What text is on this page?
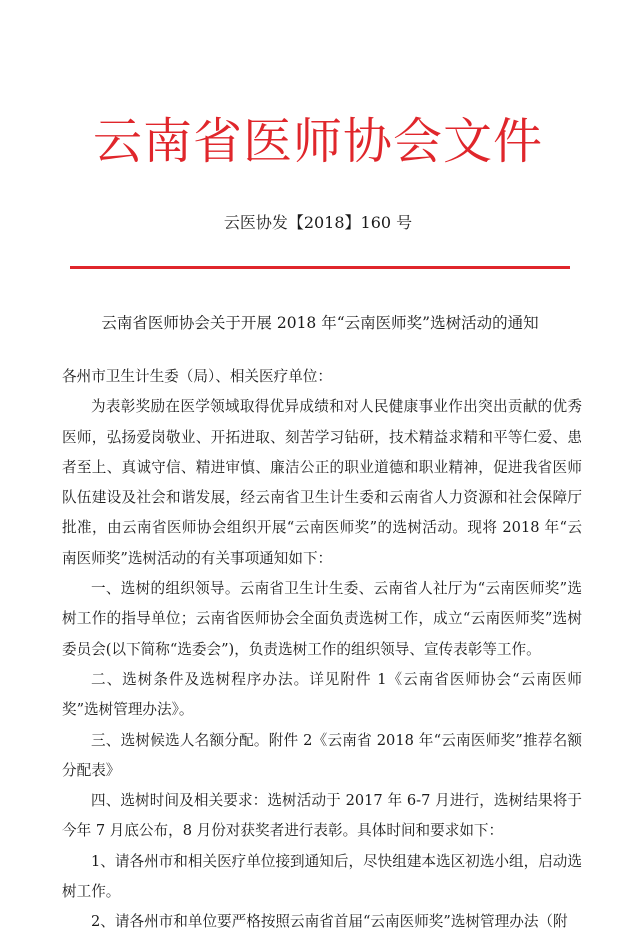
云南省医师协会文件
云医协发【2018】160 号
云南省医师协会关于开展 2018 年“云南医师奖”选树活动的通知

各州市卫生计生委（局）、相关医疗单位：

为表彰奖励在医学领域取得优异成绩和对人民健康事业作出突出贡献的优秀医师，弘扬爱岗敬业、开拓进取、刻苦学习钻研，技术精益求精和平等仁爱、患者至上、真诚守信、精进审慎、廉洁公正的职业道德和职业精神，促进我省医师队伍建设及社会和谐发展，经云南省卫生计生委和云南省人力资源和社会保障厅批准，由云南省医师协会组织开展“云南医师奖”的选树活动。现将 2018 年“云南医师奖”选树活动的有关事项通知如下：

一、选树的组织领导。云南省卫生计生委、云南省人社厅为“云南医师奖”选树工作的指导单位；云南省医师协会全面负责选树工作，成立“云南医师奖”选树委员会(以下简称“选委会”)，负责选树工作的组织领导、宣传表彰等工作。

二、选树条件及选树程序办法。详见附件 1《云南省医师协会“云南医师奖”选树管理办法》。

三、选树候选人名额分配。附件 2《云南省 2018 年“云南医师奖”推荐名额分配表》

四、选树时间及相关要求：选树活动于 2017 年 6-7 月进行，选树结果将于今年 7 月底公布，8 月份对获奖者进行表彰。具体时间和要求如下：

1、请各州市和相关医疗单位接到通知后，尽快组建本选区初选小组，启动选树工作。

2、请各州市和单位要严格按照云南省首届“云南医师奖”选树管理办法（附
